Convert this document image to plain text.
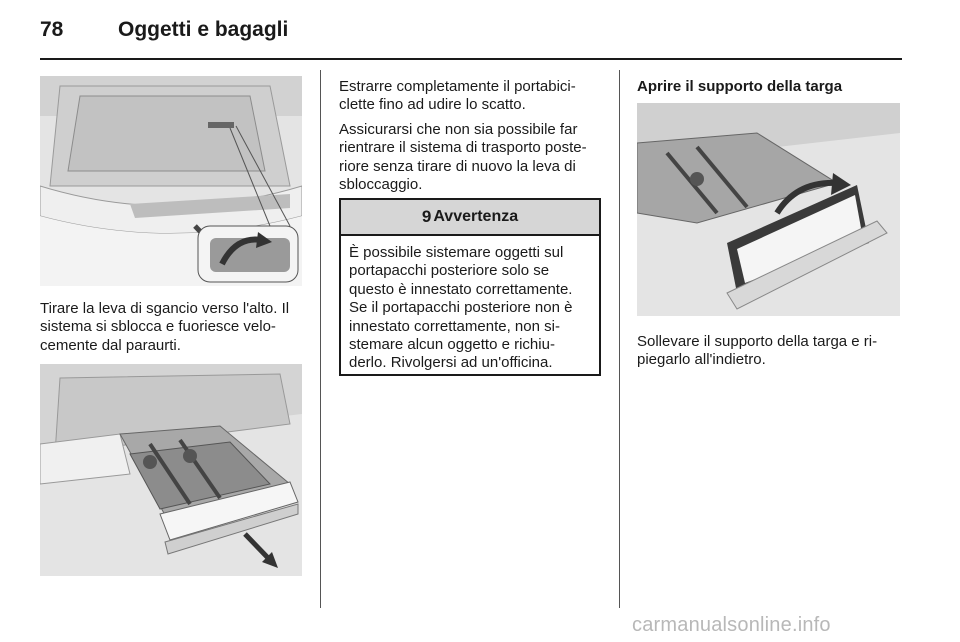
78	Oggetti e bagagli

Tirare la leva di sgancio verso l'alto. Il sistema si sblocca e fuoriesce velo-cemente dal paraurti.

Estrarre completamente il portabici-clette fino ad udire lo scatto.

Assicurarsi che non sia possibile far rientrare il sistema di trasporto poste-riore senza tirare di nuovo la leva di sbloccaggio.

9 Avvertenza

È possibile sistemare oggetti sul portapacchi posteriore solo se questo è innestato correttamente. Se il portapacchi posteriore non è innestato correttamente, non si-stemare alcun oggetto e richiu-derlo. Rivolgersi ad un'officina.

Aprire il supporto della targa

Sollevare il supporto della targa e ri-piegarlo all'indietro.

carmanualsonline.info
